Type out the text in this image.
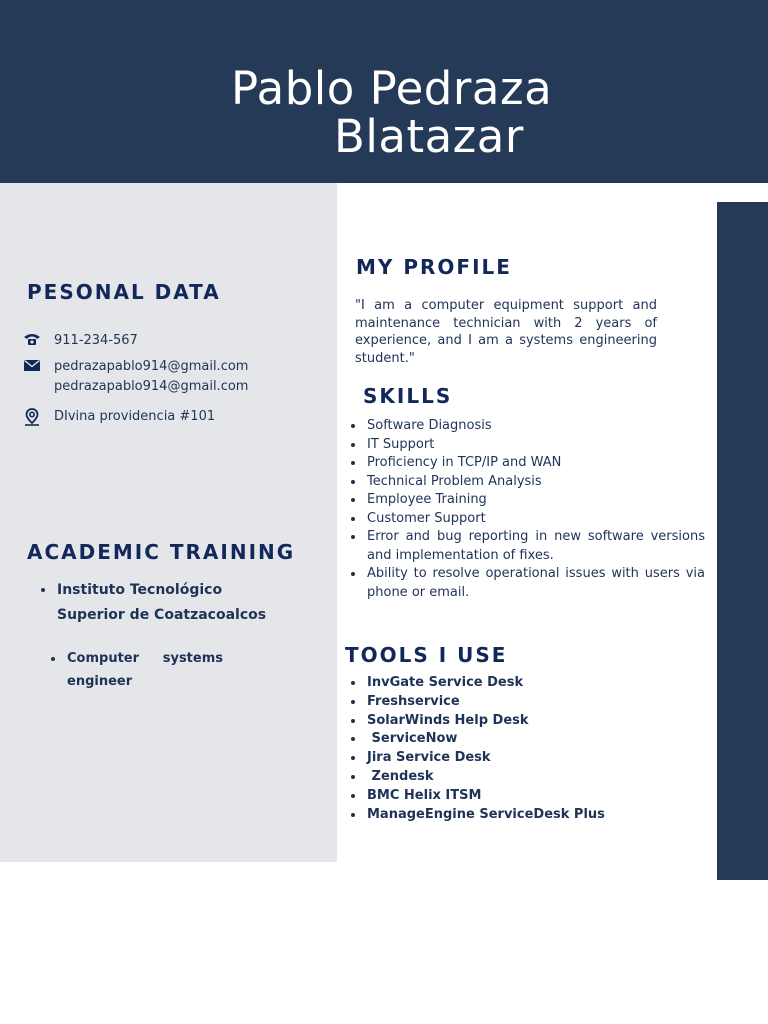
Pablo Pedraza
Blatazar
PESONAL DATA
911-234-567
pedrazapablo914@gmail.com
pedrazapablo914@gmail.com
DIvina providencia #101
ACADEMIC TRAINING
Instituto Tecnológico Superior de Coatzacoalcos
Computer systems engineer
MY PROFILE
"I am a computer equipment support and maintenance technician with 2 years of experience, and I am a systems engineering student."
SKILLS
Software Diagnosis
IT Support
Proficiency in TCP/IP and WAN
Technical Problem Analysis
Employee Training
Customer Support
Error and bug reporting in new software versions and implementation of fixes.
Ability to resolve operational issues with users via phone or email.
TOOLS I USE
InvGate Service Desk
Freshservice
SolarWinds Help Desk
ServiceNow
Jira Service Desk
Zendesk
BMC Helix ITSM
ManageEngine ServiceDesk Plus
